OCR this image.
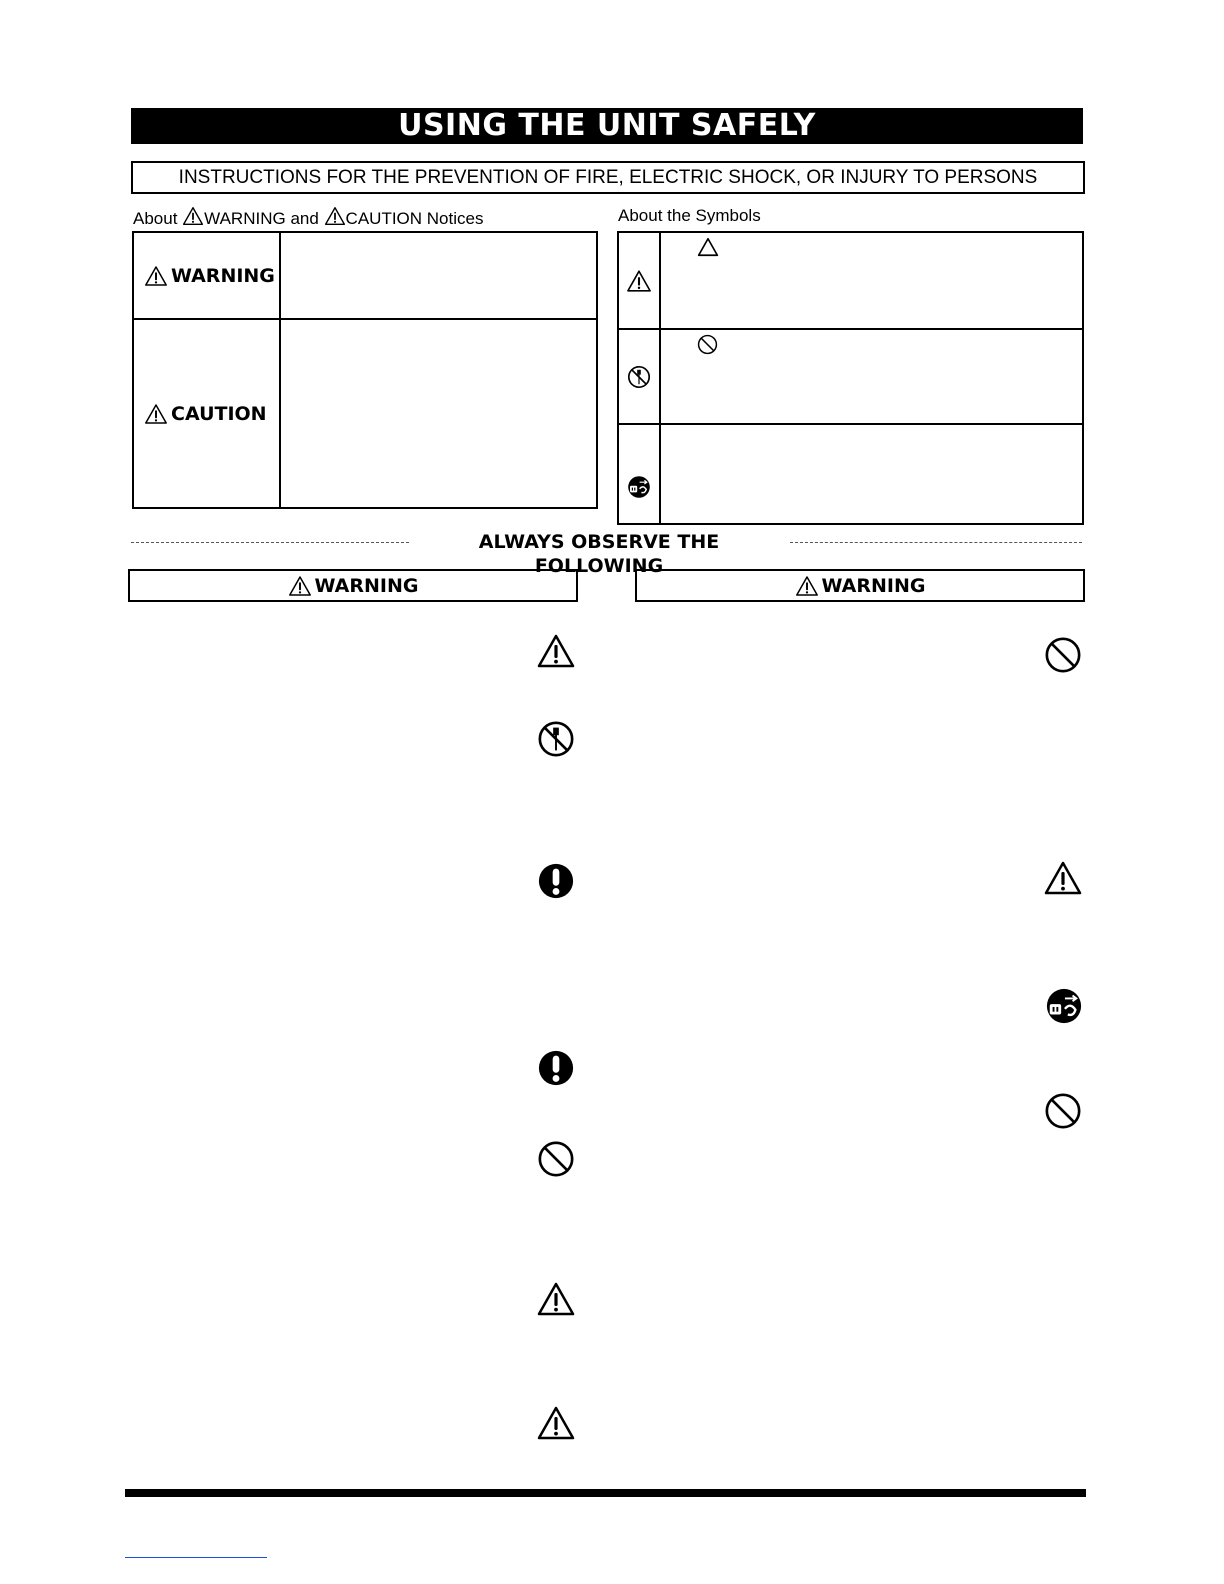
USING THE UNIT SAFELY
INSTRUCTIONS FOR THE PREVENTION OF FIRE, ELECTRIC SHOCK, OR INJURY TO PERSONS
About WARNING and CAUTION Notices
WARNING
CAUTION
About the Symbols
ALWAYS OBSERVE THE FOLLOWING
WARNING	WARNING
